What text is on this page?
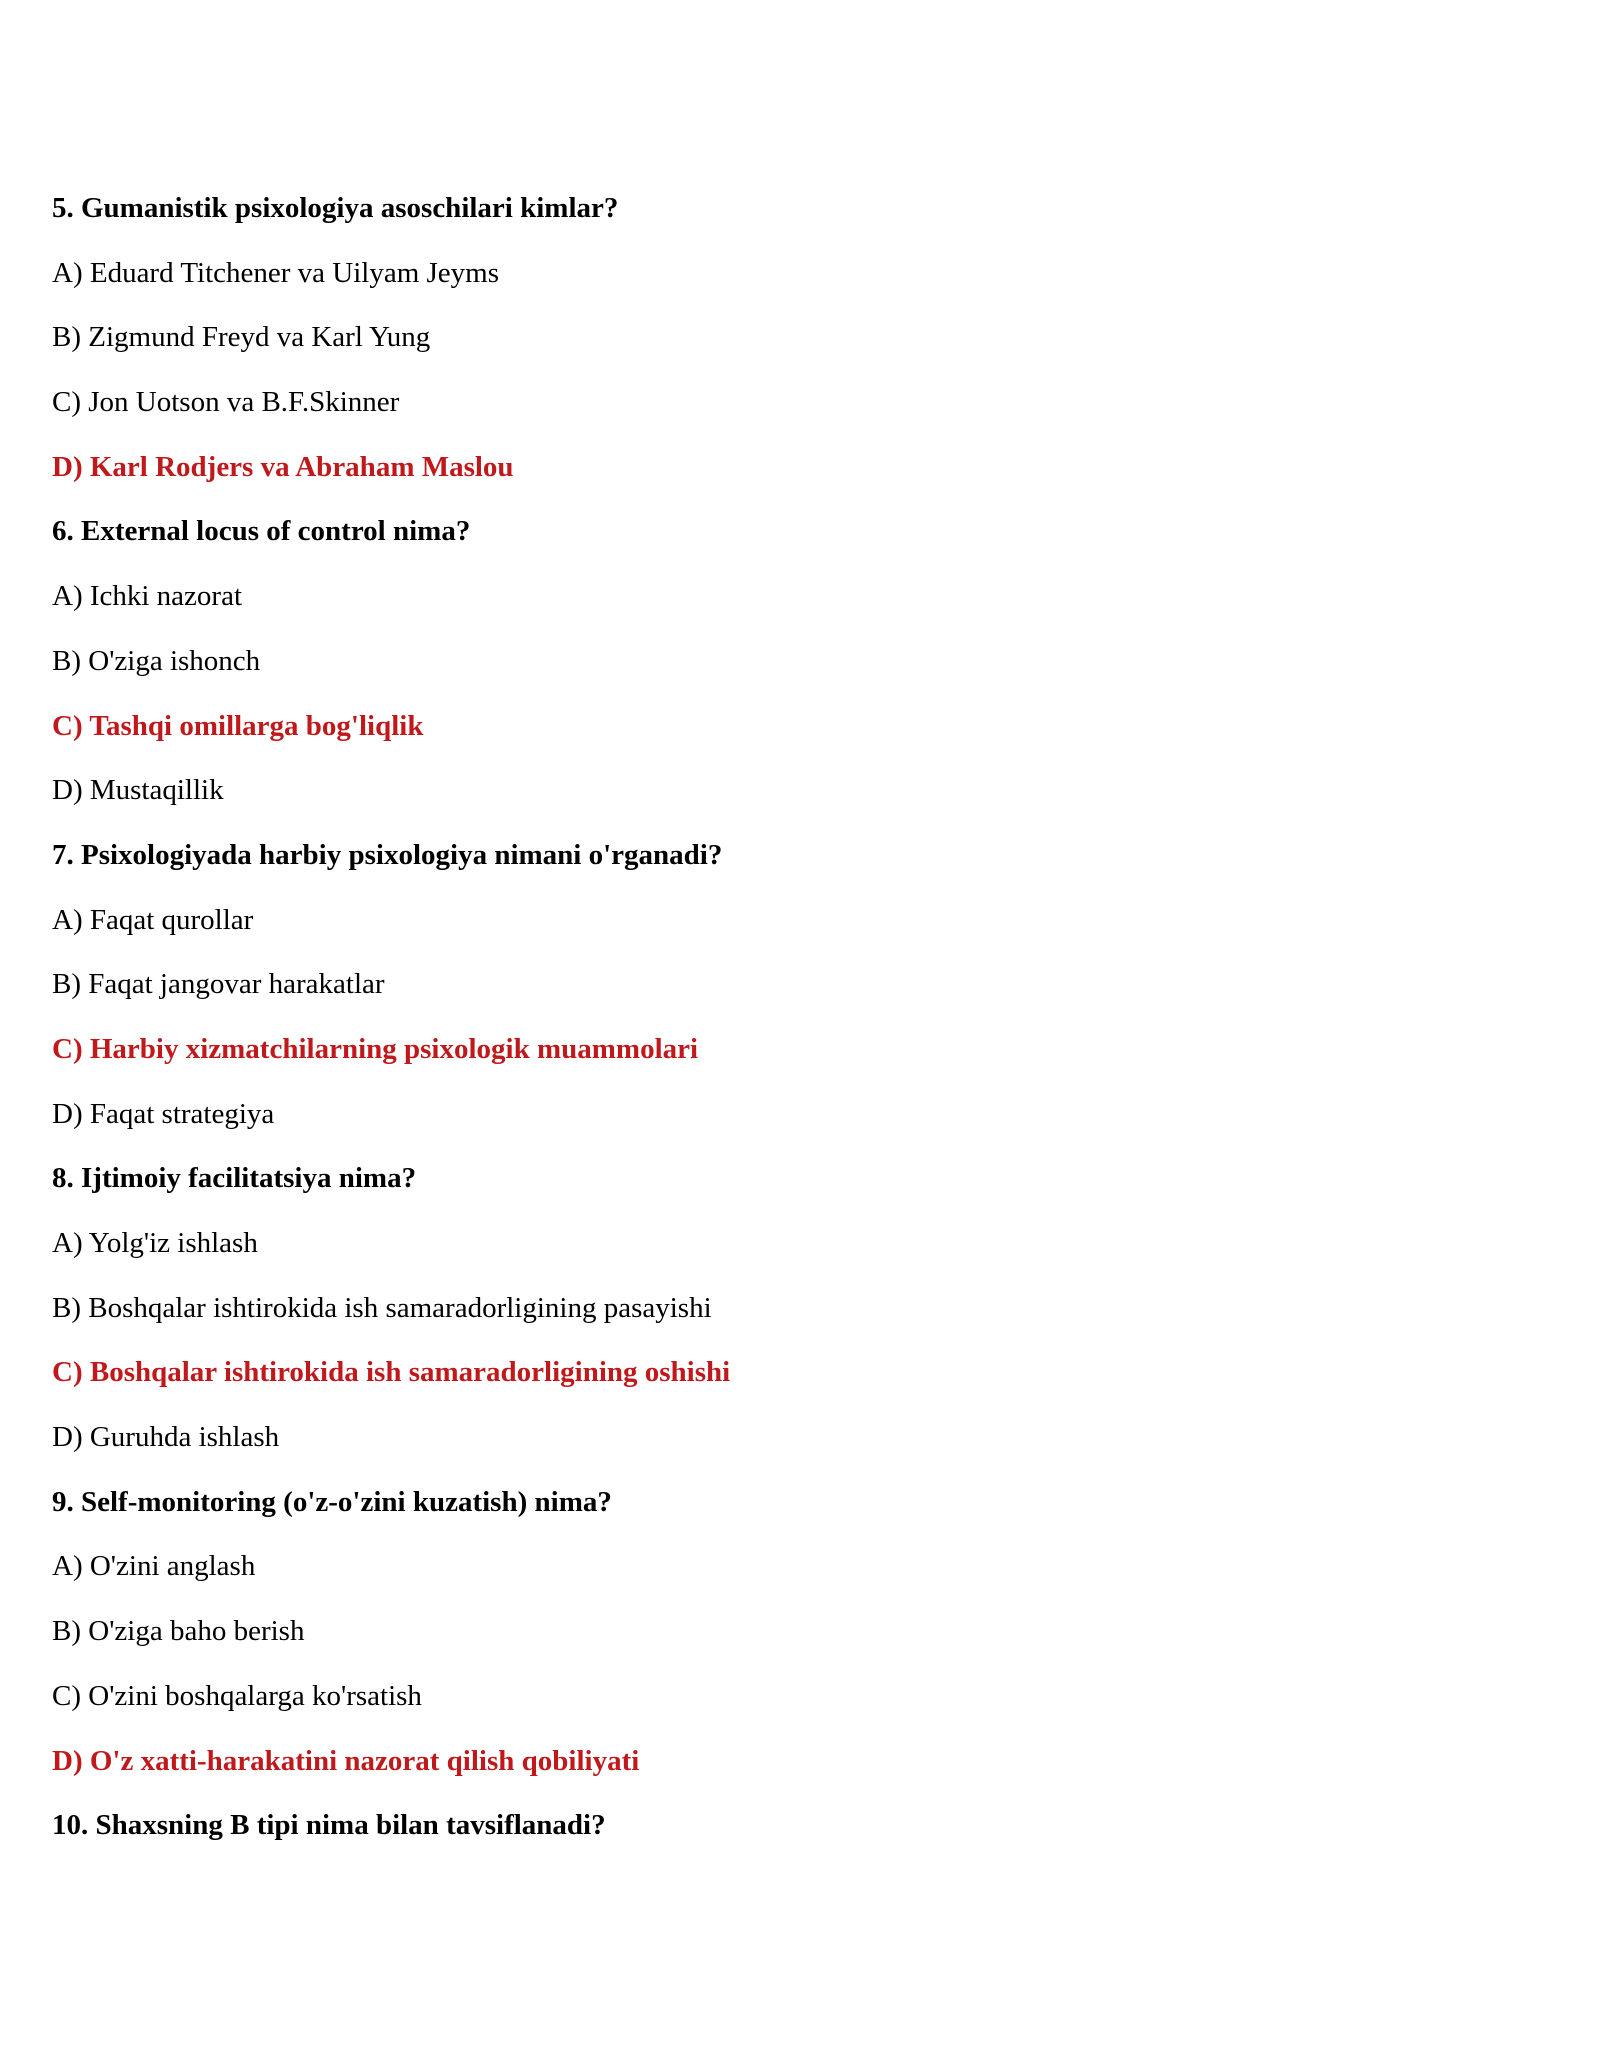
5. Gumanistik psixologiya asoschilari kimlar?
A) Eduard Titchener va Uilyam Jeyms
B) Zigmund Freyd va Karl Yung
C) Jon Uotson va B.F.Skinner
D) Karl Rodjers va Abraham Maslou
6. External locus of control nima?
A) Ichki nazorat
B) O'ziga ishonch
C) Tashqi omillarga bog'liqlik
D) Mustaqillik
7. Psixologiyada harbiy psixologiya nimani o'rganadi?
A) Faqat qurollar
B) Faqat jangovar harakatlar
C) Harbiy xizmatchilarning psixologik muammolari
D) Faqat strategiya
8. Ijtimoiy facilitatsiya nima?
A) Yolg'iz ishlash
B) Boshqalar ishtirokida ish samaradorligining pasayishi
C) Boshqalar ishtirokida ish samaradorligining oshishi
D) Guruhda ishlash
9. Self-monitoring (o'z-o'zini kuzatish) nima?
A) O'zini anglash
B) O'ziga baho berish
C) O'zini boshqalarga ko'rsatish
D) O'z xatti-harakatini nazorat qilish qobiliyati
10. Shaxsning B tipi nima bilan tavsiflanadi?
